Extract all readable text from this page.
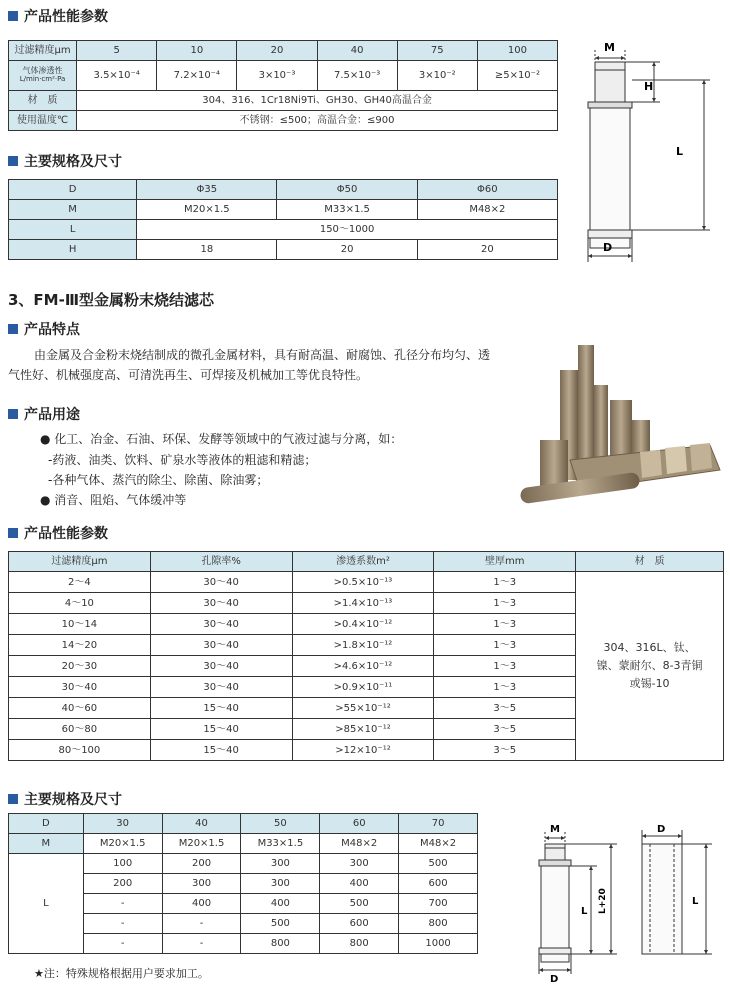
产品性能参数
过滤精度μm	5	10	20	40	75	100

气体渗透性
L/min·cm²·Pa	3.5×10⁻⁴	7.2×10⁻⁴	3×10⁻³	7.5×10⁻³	3×10⁻²	≥5×10⁻²
材　质	304、316、1Cr18Ni9Ti、GH30、GH40高温合金					
使用温度℃	不锈钢：≤500；高温合金：≤900					
主要规格及尺寸
D	Φ35	Φ50	Φ60
M	M20×1.5	M33×1.5	M48×2
L	150～1000		
H	18	20	20
M
H
L
D
3、FM-Ⅲ型金属粉末烧结滤芯
产品特点
由金属及合金粉末烧结制成的微孔金属材料，具有耐高温、耐腐蚀、孔径分布均匀、透气性好、机械强度高、可清洗再生、可焊接及机械加工等优良特性。
产品用途
● 化工、冶金、石油、环保、发酵等领域中的气液过滤与分离，如：
-药液、油类、饮料、矿泉水等液体的粗滤和精滤；
-各种气体、蒸汽的除尘、除菌、除油雾；
● 消音、阻焰、气体缓冲等
产品性能参数
过滤精度μm	孔隙率%	渗透系数m²	壁厚mm	材　质
2～4	30～40	>0.5×10⁻¹³	1～3	304、316L、钛、
镍、蒙耐尔、8-3青铜
或锡-10

4～10	30～40	>1.4×10⁻¹³	1～3	
10～14	30～40	>0.4×10⁻¹²	1～3	
14～20	30～40	>1.8×10⁻¹²	1～3	
20～30	30～40	>4.6×10⁻¹²	1～3	
30～40	30～40	>0.9×10⁻¹¹	1～3	
40～60	15～40	>55×10⁻¹²	3～5	
60～80	15～40	>85×10⁻¹²	3～5	
80～100	15～40	>12×10⁻¹²	3～5	
主要规格及尺寸
D	30	40	50	60	70
M	M20×1.5	M20×1.5	M33×1.5	M48×2	M48×2
L	100	200	300	300	500
	200	300	300	400	600
	-	400	400	500	700
	-	-	500	600	800
	-	-	800	800	1000
★注：特殊规格根据用户要求加工。
M
L L+20
D
D
L
